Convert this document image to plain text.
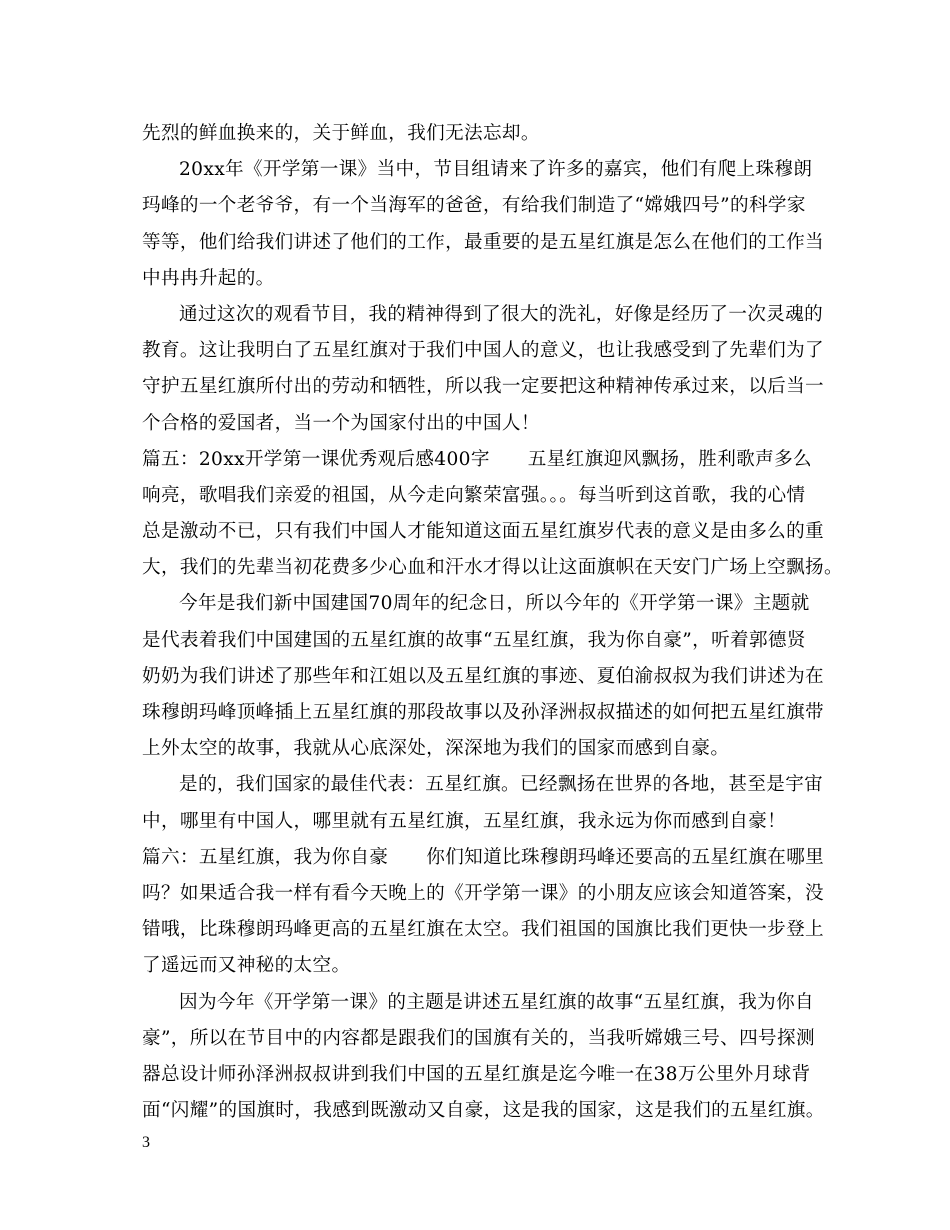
先烈的鲜血换来的，关于鲜血，我们无法忘却。
20xx年《开学第一课》当中，节目组请来了许多的嘉宾，他们有爬上珠穆朗
玛峰的一个老爷爷，有一个当海军的爸爸，有给我们制造了“嫦娥四号”的科学家
等等，他们给我们讲述了他们的工作，最重要的是五星红旗是怎么在他们的工作当
中冉冉升起的。
通过这次的观看节目，我的精神得到了很大的洗礼，好像是经历了一次灵魂的
教育。这让我明白了五星红旗对于我们中国人的意义，也让我感受到了先辈们为了
守护五星红旗所付出的劳动和牺牲，所以我一定要把这种精神传承过来，以后当一
个合格的爱国者，当一个为国家付出的中国人！
篇五：20xx开学第一课优秀观后感400字 五星红旗迎风飘扬，胜利歌声多么
响亮，歌唱我们亲爱的祖国，从今走向繁荣富强。。。每当听到这首歌，我的心情
总是激动不已，只有我们中国人才能知道这面五星红旗岁代表的意义是由多么的重
大，我们的先辈当初花费多少心血和汗水才得以让这面旗帜在天安门广场上空飘扬。
今年是我们新中国建国70周年的纪念日，所以今年的《开学第一课》主题就
是代表着我们中国建国的五星红旗的故事“五星红旗，我为你自豪”，听着郭德贤
奶奶为我们讲述了那些年和江姐以及五星红旗的事迹、夏伯渝叔叔为我们讲述为在
珠穆朗玛峰顶峰插上五星红旗的那段故事以及孙泽洲叔叔描述的如何把五星红旗带
上外太空的故事，我就从心底深处，深深地为我们的国家而感到自豪。
是的，我们国家的最佳代表：五星红旗。已经飘扬在世界的各地，甚至是宇宙
中，哪里有中国人，哪里就有五星红旗，五星红旗，我永远为你而感到自豪！
篇六：五星红旗，我为你自豪 你们知道比珠穆朗玛峰还要高的五星红旗在哪里
吗？如果适合我一样有看今天晚上的《开学第一课》的小朋友应该会知道答案，没
错哦，比珠穆朗玛峰更高的五星红旗在太空。我们祖国的国旗比我们更快一步登上
了遥远而又神秘的太空。
因为今年《开学第一课》的主题是讲述五星红旗的故事“五星红旗，我为你自
豪”，所以在节目中的内容都是跟我们的国旗有关的，当我听嫦娥三号、四号探测
器总设计师孙泽洲叔叔讲到我们中国的五星红旗是迄今唯一在38万公里外月球背
面“闪耀”的国旗时，我感到既激动又自豪，这是我的国家，这是我们的五星红旗。
3
